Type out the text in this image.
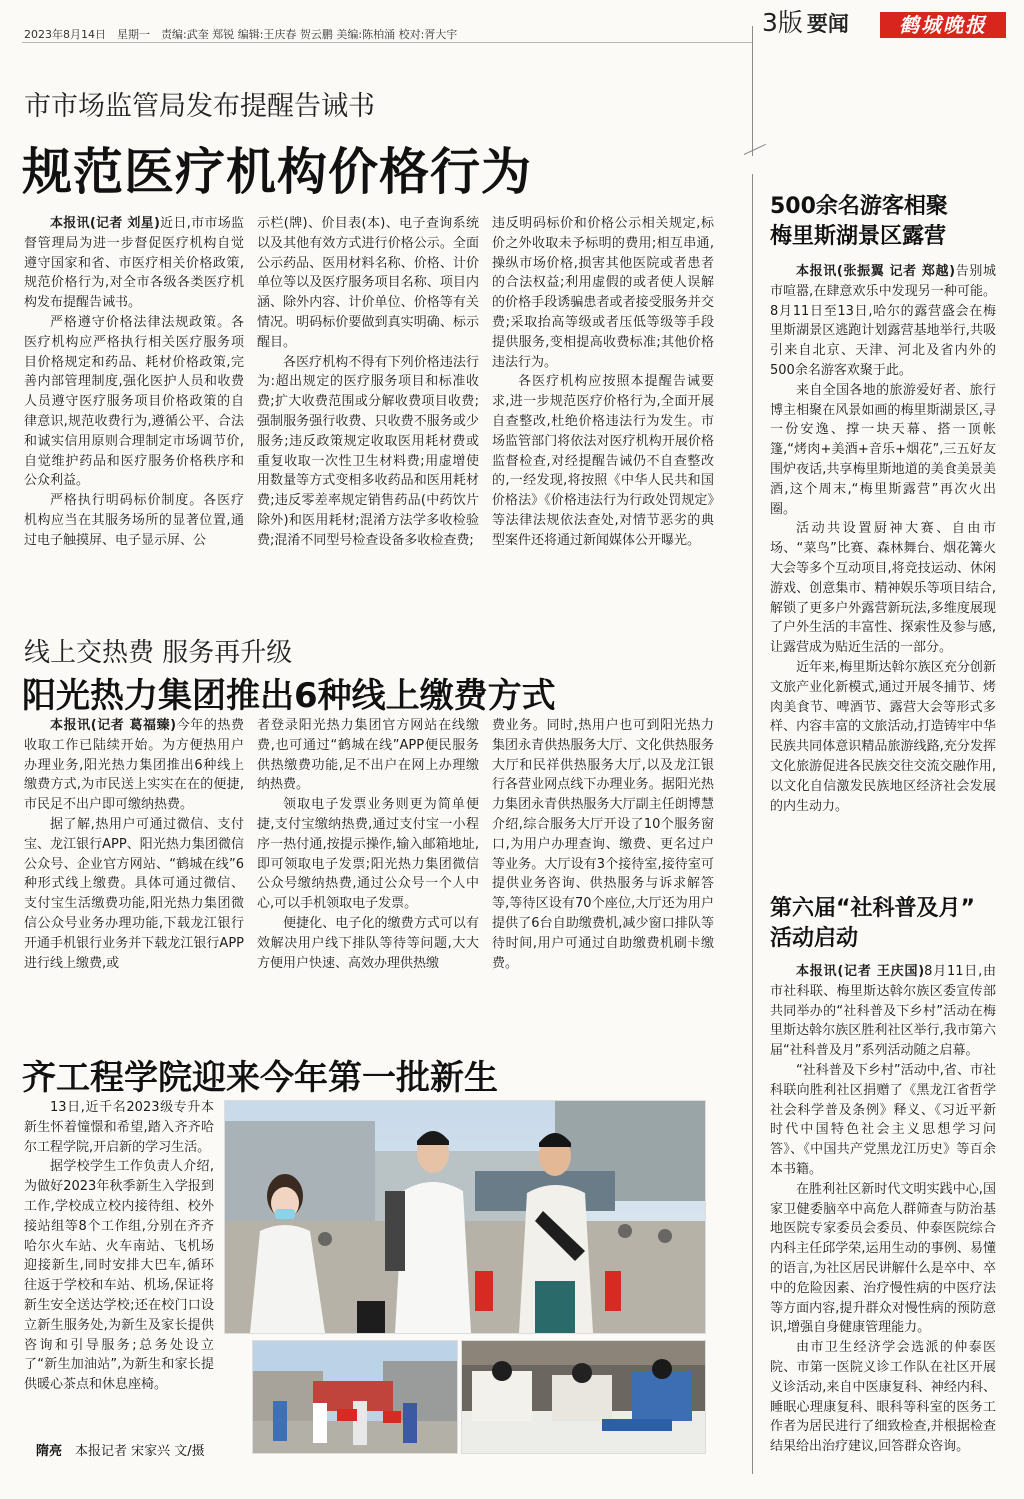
2023年8月14日　星期一　责编:武奎 郑锐 编辑:王庆春 贺云鹏 美编:陈柏涌 校对:胥大宇	3版 要闻	鹤城晚报
市市场监管局发布提醒告诫书
规范医疗机构价格行为

本报讯(记者 刘星)近日,市市场监督管理局为进一步督促医疗机构自觉遵守国家和省、市医疗相关价格政策,规范价格行为,对全市各级各类医疗机构发布提醒告诫书。

严格遵守价格法律法规政策。各医疗机构应严格执行相关医疗服务项目价格规定和药品、耗材价格政策,完善内部管理制度,强化医护人员和收费人员遵守医疗服务项目价格政策的自律意识,规范收费行为,遵循公平、合法和诚实信用原则合理制定市场调节价,自觉维护药品和医疗服务价格秩序和公众利益。

严格执行明码标价制度。各医疗机构应当在其服务场所的显著位置,通过电子触摸屏、电子显示屏、公

示栏(牌)、价目表(本)、电子查询系统以及其他有效方式进行价格公示。全面公示药品、医用材料名称、价格、计价单位等以及医疗服务项目名称、项目内涵、除外内容、计价单位、价格等有关情况。明码标价要做到真实明确、标示醒目。

各医疗机构不得有下列价格违法行为:超出规定的医疗服务项目和标准收费;扩大收费范围或分解收费项目收费;强制服务强行收费、只收费不服务或少服务;违反政策规定收取医用耗材费或重复收取一次性卫生材料费;用虚增使用数量等方式变相多收药品和医用耗材费;违反零差率规定销售药品(中药饮片除外)和医用耗材;混淆方法学多收检验费;混淆不同型号检查设备多收检查费;

违反明码标价和价格公示相关规定,标价之外收取未予标明的费用;相互串通,操纵市场价格,损害其他医院或者患者的合法权益;利用虚假的或者使人误解的价格手段诱骗患者或者接受服务并交费;采取抬高等级或者压低等级等手段提供服务,变相提高收费标准;其他价格违法行为。

各医疗机构应按照本提醒告诫要求,进一步规范医疗价格行为,全面开展自查整改,杜绝价格违法行为发生。市场监管部门将依法对医疗机构开展价格监督检查,对经提醒告诫仍不自查整改的,一经发现,将按照《中华人民共和国价格法》《价格违法行为行政处罚规定》等法律法规依法查处,对情节恶劣的典型案件还将通过新闻媒体公开曝光。

线上交热费 服务再升级
阳光热力集团推出6种线上缴费方式

本报讯(记者 葛福臻)今年的热费收取工作已陆续开始。为方便热用户办理业务,阳光热力集团推出6种线上缴费方式,为市民送上实实在在的便捷,市民足不出户即可缴纳热费。

据了解,热用户可通过微信、支付宝、龙江银行APP、阳光热力集团微信公众号、企业官方网站、“鹤城在线”6种形式线上缴费。具体可通过微信、支付宝生活缴费功能,阳光热力集团微信公众号业务办理功能,下载龙江银行开通手机银行业务并下载龙江银行APP进行线上缴费,或

者登录阳光热力集团官方网站在线缴费,也可通过“鹤城在线”APP便民服务供热缴费功能,足不出户在网上办理缴纳热费。

领取电子发票业务则更为简单便捷,支付宝缴纳热费,通过支付宝一小程序一热付通,按提示操作,输入邮箱地址,即可领取电子发票;阳光热力集团微信公众号缴纳热费,通过公众号一个人中心,可以手机领取电子发票。

便捷化、电子化的缴费方式可以有效解决用户线下排队等待等问题,大大方便用户快速、高效办理供热缴

费业务。同时,热用户也可到阳光热力集团永青供热服务大厅、文化供热服务大厅和民祥供热服务大厅,以及龙江银行各营业网点线下办理业务。据阳光热力集团永青供热服务大厅副主任朗博慧介绍,综合服务大厅开设了10个服务窗口,为用户办理查询、缴费、更名过户等业务。大厅设有3个接待室,接待室可提供业务咨询、供热服务与诉求解答等,等待区设有70个座位,大厅还为用户提供了6台自助缴费机,减少窗口排队等待时间,用户可通过自助缴费机刷卡缴费。

齐工程学院迎来今年第一批新生

13日,近千名2023级专升本新生怀着憧憬和希望,踏入齐齐哈尔工程学院,开启新的学习生活。

据学校学生工作负责人介绍,为做好2023年秋季新生入学报到工作,学校成立校内接待组、校外接站组等8个工作组,分别在齐齐哈尔火车站、火车南站、飞机场迎接新生,同时安排大巴车,循环往返于学校和车站、机场,保证将新生安全送达学校;还在校门口设立新生服务处,为新生及家长提供咨询和引导服务;总务处设立了“新生加油站”,为新生和家长提供暖心茶点和休息座椅。

隋亮　 本报记者 宋家兴 文/摄
500余名游客相聚
梅里斯湖景区露营

本报讯(张振翼 记者 郑越)告别城市喧嚣,在肆意欢乐中发现另一种可能。8月11日至13日,哈尔的露营盛会在梅里斯湖景区逃跑计划露营基地举行,共吸引来自北京、天津、河北及省内外的500余名游客欢聚于此。

来自全国各地的旅游爱好者、旅行博主相聚在风景如画的梅里斯湖景区,寻一份安逸、撑一块天幕、搭一顶帐篷,“烤肉+美酒+音乐+烟花”,三五好友围炉夜话,共享梅里斯地道的美食美景美酒,这个周末,“梅里斯露营”再次火出圈。

活动共设置厨神大赛、自由市场、“菜鸟”比赛、森林舞台、烟花篝火大会等多个互动项目,将竞技运动、休闲游戏、创意集市、精神娱乐等项目结合,解锁了更多户外露营新玩法,多维度展现了户外生活的丰富性、探索性及参与感,让露营成为贴近生活的一部分。

近年来,梅里斯达斡尔族区充分创新文旅产业化新模式,通过开展冬捕节、烤肉美食节、啤酒节、露营大会等形式多样、内容丰富的文旅活动,打造铸牢中华民族共同体意识精品旅游线路,充分发挥文化旅游促进各民族交往交流交融作用,以文化自信激发民族地区经济社会发展的内生动力。

第六届“社科普及月”
活动启动

本报讯(记者 王庆国)8月11日,由市社科联、梅里斯达斡尔族区委宣传部共同举办的“社科普及下乡村”活动在梅里斯达斡尔族区胜利社区举行,我市第六届“社科普及月”系列活动随之启幕。

“社科普及下乡村”活动中,省、市社科联向胜利社区捐赠了《黑龙江省哲学社会科学普及条例》释义、《习近平新时代中国特色社会主义思想学习问答》、《中国共产党黑龙江历史》等百余本书籍。

在胜利社区新时代文明实践中心,国家卫健委脑卒中高危人群筛查与防治基地医院专家委员会委员、仲泰医院综合内科主任邱学荣,运用生动的事例、易懂的语言,为社区居民讲解什么是卒中、卒中的危险因素、治疗慢性病的中医疗法等方面内容,提升群众对慢性病的预防意识,增强自身健康管理能力。

由市卫生经济学会选派的仲泰医院、市第一医院义诊工作队在社区开展义诊活动,来自中医康复科、神经内科、睡眠心理康复科、眼科等科室的医务工作者为居民进行了细致检查,并根据检查结果给出治疗建议,回答群众咨询。
